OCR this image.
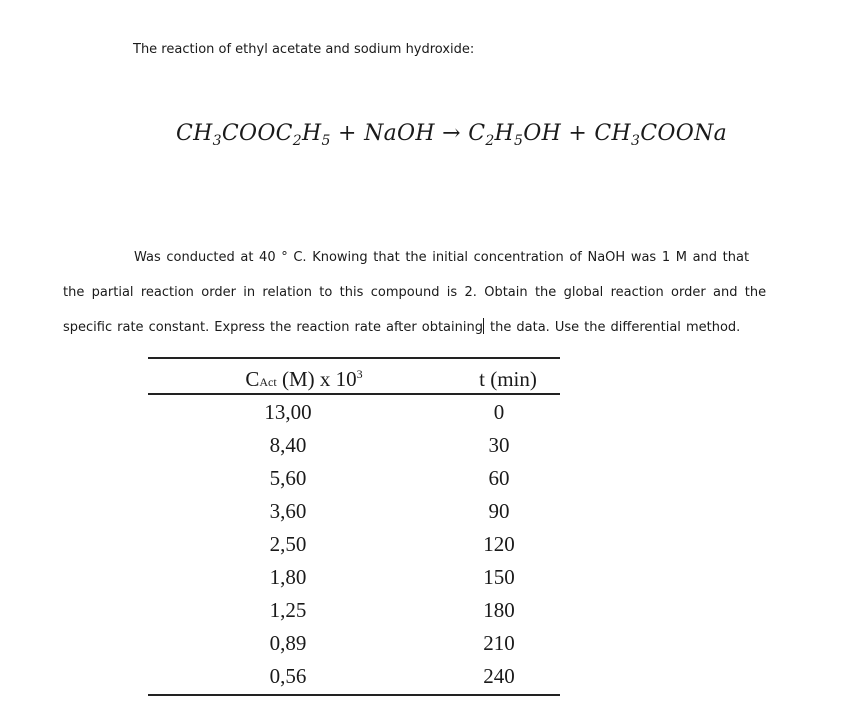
The reaction of ethyl acetate and sodium hydroxide:
$CH_3COOC_2H_5$ + NaOH → $C_2H_5OH$ + $CH_3COONa$
Was conducted at 40 ° C. Knowing that the initial concentration of NaOH was 1 M and that
the partial reaction order in relation to this compound is 2. Obtain the global reaction order and the
specific rate constant. Express the reaction rate after obtaining the data. Use the differential method.
CAct (M) x $10^3$	t (min)
13,00	0
8,40	30
5,60	60
3,60	90
2,50	120
1,80	150
1,25	180
0,89	210
0,56	240
